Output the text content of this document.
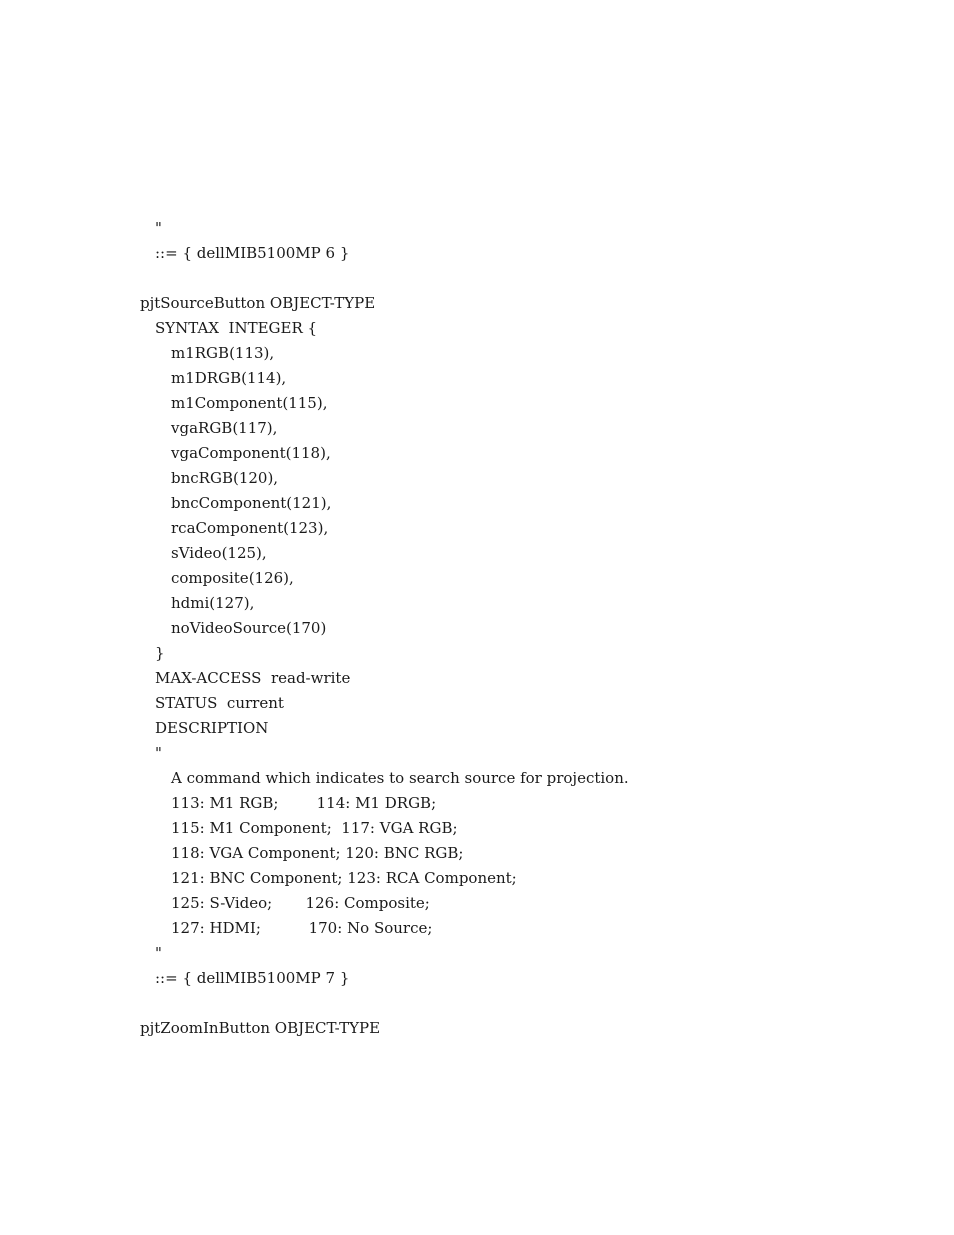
"
::= { dellMIB5100MP 6 }
pjtSourceButton OBJECT-TYPE
SYNTAX  INTEGER {
m1RGB(113),
m1DRGB(114),
m1Component(115),
vgaRGB(117),
vgaComponent(118),
bncRGB(120),
bncComponent(121),
rcaComponent(123),
sVideo(125),
composite(126),
hdmi(127),
noVideoSource(170)
}
MAX-ACCESS  read-write
STATUS  current
DESCRIPTION
"
A command which indicates to search source for projection.
113: M1 RGB;        114: M1 DRGB;
115: M1 Component;  117: VGA RGB;
118: VGA Component; 120: BNC RGB;
121: BNC Component; 123: RCA Component;
125: S-Video;       126: Composite;
127: HDMI;          170: No Source;
"
::= { dellMIB5100MP 7 }
pjtZoomInButton OBJECT-TYPE
